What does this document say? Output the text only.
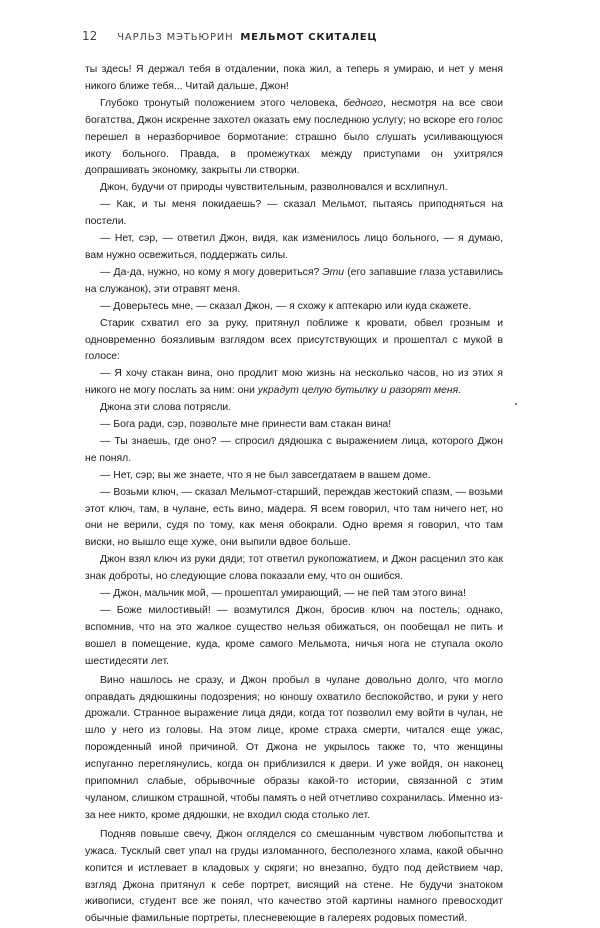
12 ЧАРЛЬЗ МЭТЬЮРИН МЕЛЬМОТ СКИТАЛЕЦ

ты здесь! Я держал тебя в отдалении, пока жил, а теперь я умираю, и нет у меня никого ближе тебя... Читай дальше, Джон!

Глубоко тронутый положением этого человека, бедного, несмотря на все свои богатства, Джон искренне захотел оказать ему последнюю услугу; но вскоре его голос перешел в неразборчивое бормотание: страшно было слушать усиливающуюся икоту больного. Правда, в промежутках между приступами он ухитрялся допрашивать экономку, закрыты ли створки.

Джон, будучи от природы чувствительным, разволновался и всхлипнул.

— Как, и ты меня покидаешь? — сказал Мельмот, пытаясь приподняться на постели.

— Нет, сэр, — ответил Джон, видя, как изменилось лицо больного, — я думаю, вам нужно освежиться, поддержать силы.

— Да-да, нужно, но кому я могу довериться? Эти (его запавшие глаза уставились на служанок), эти отравят меня.

— Доверьтесь мне, — сказал Джон, — я схожу к аптекарю или куда скажете.

Старик схватил его за руку, притянул поближе к кровати, обвел грозным и одновременно боязливым взглядом всех присутствующих и прошептал с мукой в голосе:

— Я хочу стакан вина, оно продлит мою жизнь на несколько часов, но из этих я никого не могу послать за ним: они украдут целую бутылку и разорят меня.

Джона эти слова потрясли.

— Бога ради, сэр, позвольте мне принести вам стакан вина!

— Ты знаешь, где оно? — спросил дядюшка с выражением лица, которого Джон не понял.

— Нет, сэр; вы же знаете, что я не был завсегдатаем в вашем доме.

— Возьми ключ, — сказал Мельмот-старший, переждав жестокий спазм, — возьми этот ключ, там, в чулане, есть вино, мадера. Я всем говорил, что там ничего нет, но они не верили, судя по тому, как меня обокрали. Одно время я говорил, что там виски, но вышло еще хуже, они выпили вдвое больше.

Джон взял ключ из руки дяди; тот ответил рукопожатием, и Джон расценил это как знак доброты, но следующие слова показали ему, что он ошибся.

— Джон, мальчик мой, — прошептал умирающий, — не пей там этого вина!

— Боже милостивый! — возмутился Джон, бросив ключ на постель; однако, вспомнив, что на это жалкое существо нельзя обижаться, он пообещал не пить и вошел в помещение, куда, кроме самого Мельмота, ничья нога не ступала около шестидесяти лет.

Вино нашлось не сразу, и Джон пробыл в чулане довольно долго, что могло оправдать дядюшкины подозрения; но юношу охватило беспокойство, и руки у него дрожали. Странное выражение лица дяди, когда тот позволил ему войти в чулан, не шло у него из головы. На этом лице, кроме страха смерти, читался еще ужас, порожденный иной причиной. От Джона не укрылось также то, что женщины испуганно переглянулись, когда он приблизился к двери. И уже войдя, он наконец припомнил слабые, обрывочные образы какой-то истории, связанной с этим чуланом, слишком страшной, чтобы память о ней отчетливо сохранилась. Именно из-за нее никто, кроме дядюшки, не входил сюда столько лет.

Подняв повыше свечу, Джон огляделся со смешанным чувством любопытства и ужаса. Тусклый свет упал на груды изломанного, бесполезного хлама, какой обычно копится и истлевает в кладовых у скряги; но внезапно, будто под действием чар, взгляд Джона притянул к себе портрет, висящий на стене. Не будучи знатоком живописи, студент все же понял, что качество этой картины намного превосходит обычные фамильные портреты, плесневеющие в галереях родовых поместий.
